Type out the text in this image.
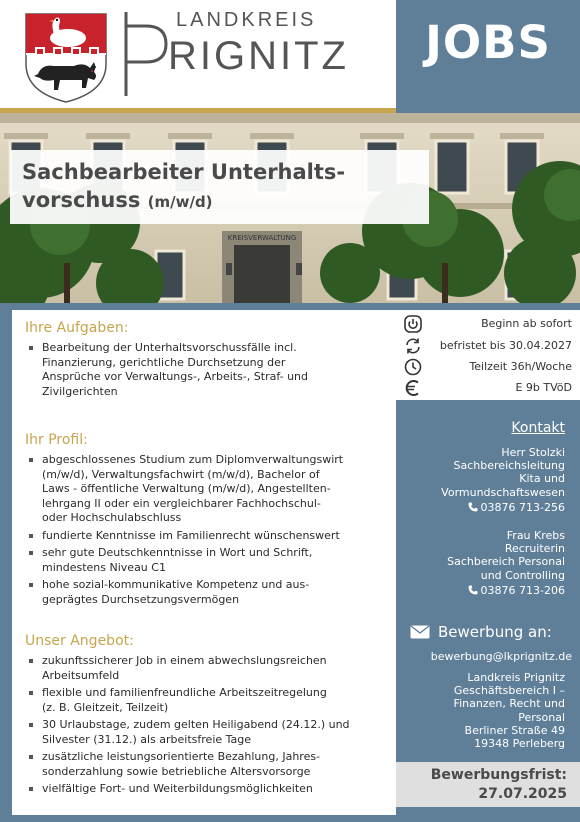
LANDKREIS
RIGNITZ	JOBS
KREISVERWALTUNG
Sachbearbeiter Unterhalts-
vorschuss (m/w/d)
Ihre Aufgaben:
Bearbeitung der Unterhaltsvorschussfälle incl.
Finanzierung, gerichtliche Durchsetzung der
Ansprüche vor Verwaltungs-, Arbeits-, Straf- und
Zivilgerichten
Ihr Profil:
abgeschlossenes Studium zum Diplomverwaltungswirt
(m/w/d), Verwaltungsfachwirt (m/w/d), Bachelor of
Laws - öffentliche Verwaltung (m/w/d), Angestellten-
lehrgang II oder ein vergleichbarer Fachhochschul-
oder Hochschulabschluss
fundierte Kenntnisse im Familienrecht wünschenswert
sehr gute Deutschkenntnisse in Wort und Schrift,
mindestens Niveau C1
hohe sozial-kommunikative Kompetenz und aus-
geprägtes Durchsetzungsvermögen
Unser Angebot:
zukunftssicherer Job in einem abwechslungsreichen
Arbeitsumfeld
flexible und familienfreundliche Arbeitszeitregelung
(z. B. Gleitzeit, Teilzeit)
30 Urlaubstage, zudem gelten Heiligabend (24.12.) und
Silvester (31.12.) als arbeitsfreie Tage
zusätzliche leistungsorientierte Bezahlung, Jahres-
sonderzahlung sowie betriebliche Altersvorsorge
vielfältige Fort- und Weiterbildungsmöglichkeiten
Beginn ab sofort
befristet bis 30.04.2027
Teilzeit 36h/Woche
E 9b TVöD
Kontakt
Herr Stolzki
Sachbereichsleitung
Kita und
Vormundschaftswesen
03876 713-256
Frau Krebs
Recruiterin
Sachbereich Personal
und Controlling
03876 713-206
Bewerbung an:
bewerbung@lkprignitz.de
Landkreis Prignitz
Geschäftsbereich I –
Finanzen, Recht und
Personal
Berliner Straße 49
19348 Perleberg
Bewerbungsfrist:
27.07.2025
